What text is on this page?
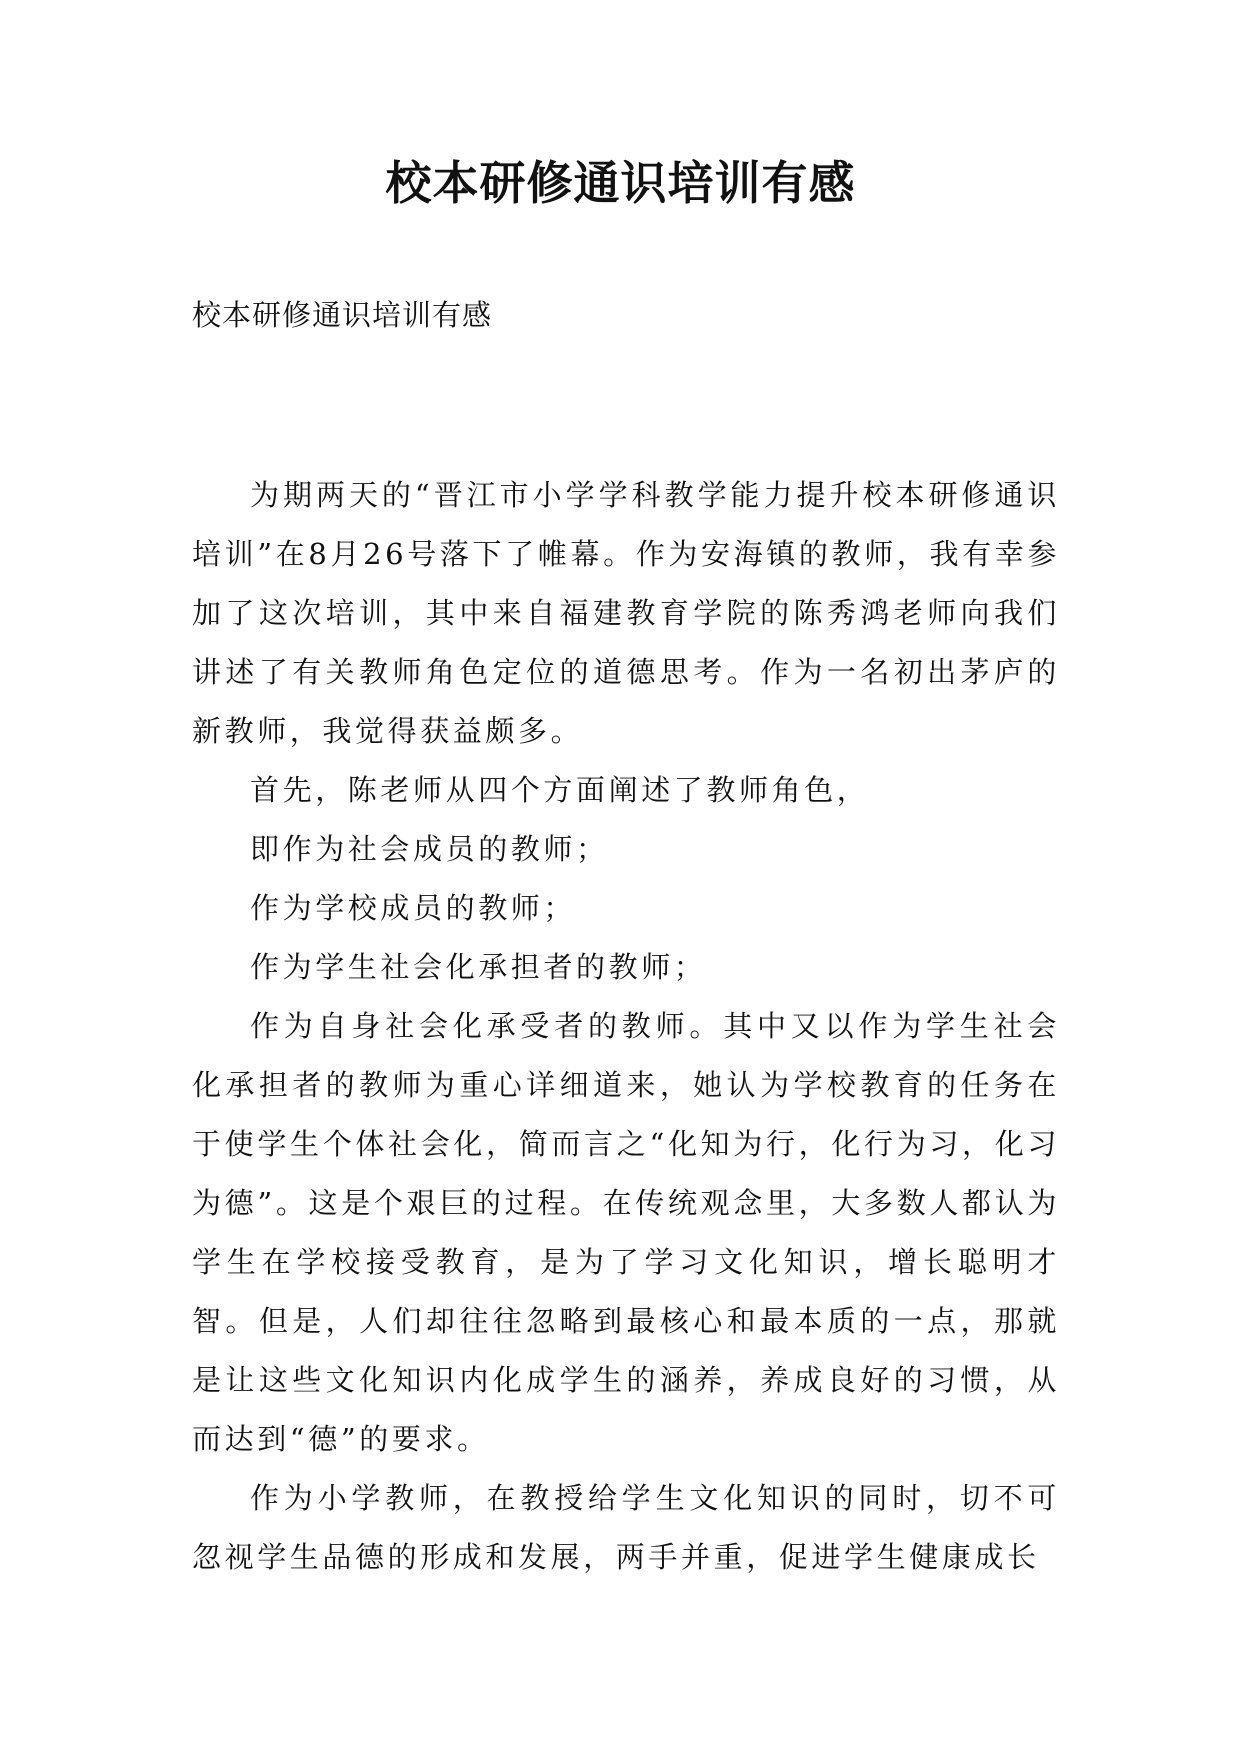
校本研修通识培训有感
校本研修通识培训有感

为期两天的“晋江市小学学科教学能力提升校本研修通识培训”在8月26号落下了帷幕。作为安海镇的教师，我有幸参加了这次培训，其中来自福建教育学院的陈秀鸿老师向我们讲述了有关教师角色定位的道德思考。作为一名初出茅庐的新教师，我觉得获益颇多。

首先，陈老师从四个方面阐述了教师角色，

即作为社会成员的教师；

作为学校成员的教师；

作为学生社会化承担者的教师；

作为自身社会化承受者的教师。其中又以作为学生社会化承担者的教师为重心详细道来，她认为学校教育的任务在于使学生个体社会化，简而言之“化知为行，化行为习，化习为德”。这是个艰巨的过程。在传统观念里，大多数人都认为学生在学校接受教育，是为了学习文化知识，增长聪明才智。但是，人们却往往忽略到最核心和最本质的一点，那就是让这些文化知识内化成学生的涵养，养成良好的习惯，从而达到“德”的要求。

作为小学教师，在教授给学生文化知识的同时，切不可忽视学生品德的形成和发展，两手并重，促进学生健康成长
